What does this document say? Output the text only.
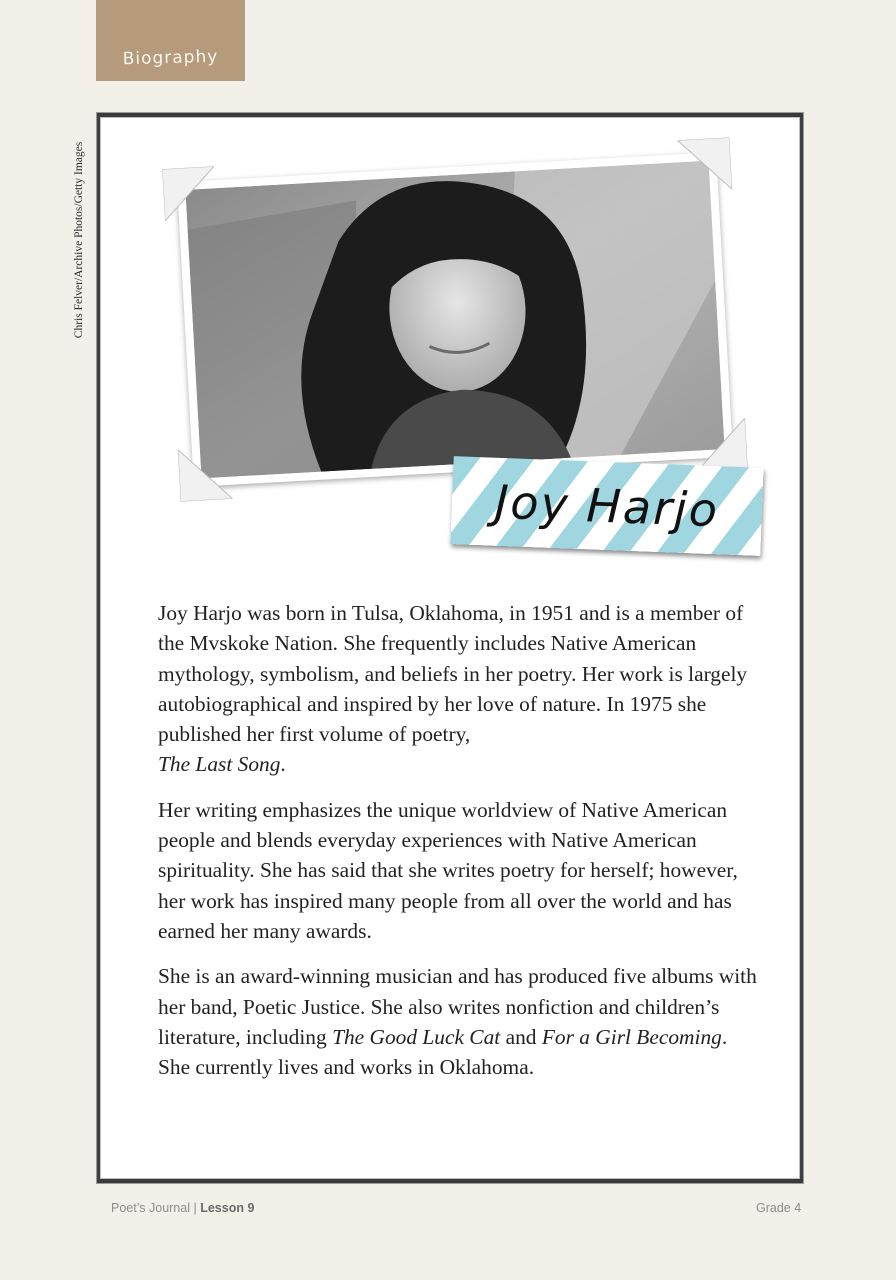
Biography
Chris Felver/Archive Photos/Getty Images
Joy Harjo

Joy Harjo was born in Tulsa, Oklahoma, in 1951 and is a member of the Mvskoke Nation. She frequently includes Native American mythology, symbolism, and beliefs in her poetry. Her work is largely autobiographical and inspired by her love of nature. In 1975 she published her first volume of poetry,
The Last Song.

Her writing emphasizes the unique worldview of Native American people and blends everyday experiences with Native American spirituality. She has said that she writes poetry for herself; however, her work has inspired many people from all over the world and has earned her many awards.

She is an award-winning musician and has produced five albums with her band, Poetic Justice. She also writes nonfiction and children’s literature, including The Good Luck Cat and For a Girl Becoming. She currently lives and works in Oklahoma.

Poet’s Journal | Lesson 9	Grade 4
